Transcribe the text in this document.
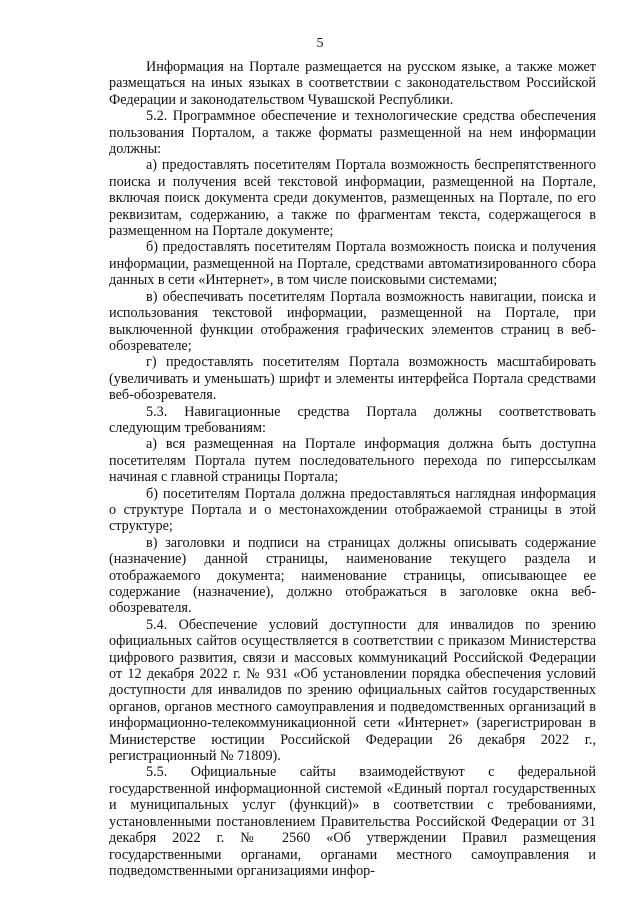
5

Информация на Портале размещается на русском языке, а также может размещаться на иных языках в соответствии с законодательством Российской Федерации и законодательством Чувашской Республики.

5.2. Программное обеспечение и технологические средства обеспечения пользования Порталом, а также форматы размещенной на нем информации должны:

а) предоставлять посетителям Портала возможность беспрепятственного поиска и получения всей текстовой информации, размещенной на Портале, включая поиск документа среди документов, размещенных на Портале, по его реквизитам, содержанию, а также по фрагментам текста, содержащегося в размещенном на Портале документе;

б) предоставлять посетителям Портала возможность поиска и получения информации, размещенной на Портале, средствами автоматизированного сбора данных в сети «Интернет», в том числе поисковыми системами;

в) обеспечивать посетителям Портала возможность навигации, поиска и использования текстовой информации, размещенной на Портале, при выключенной функции отображения графических элементов страниц в веб-обозревателе;

г) предоставлять посетителям Портала возможность масштабировать (увеличивать и уменьшать) шрифт и элементы интерфейса Портала средствами веб-обозревателя.

5.3. Навигационные средства Портала должны соответствовать следующим требованиям:

а) вся размещенная на Портале информация должна быть доступна посетителям Портала путем последовательного перехода по гиперссылкам начиная с главной страницы Портала;

б) посетителям Портала должна предоставляться наглядная информация о структуре Портала и о местонахождении отображаемой страницы в этой структуре;

в) заголовки и подписи на страницах должны описывать содержание (назначение) данной страницы, наименование текущего раздела и отображаемого документа; наименование страницы, описывающее ее содержание (назначение), должно отображаться в заголовке окна веб-обозревателя.

5.4. Обеспечение условий доступности для инвалидов по зрению официальных сайтов осуществляется в соответствии с приказом Министерства цифрового развития, связи и массовых коммуникаций Российской Федерации от 12 декабря 2022 г. № 931 «Об установлении порядка обеспечения условий доступности для инвалидов по зрению официальных сайтов государственных органов, органов местного самоуправления и подведомственных организаций в информационно-телекоммуникационной сети «Интернет» (зарегистрирован в Министерстве юстиции Российской Федерации 26 декабря 2022 г., регистрационный № 71809).

5.5. Официальные сайты взаимодействуют с федеральной государственной информационной системой «Единый портал государственных и муниципальных услуг (функций)» в соответствии с требованиями, установленными постановлением Правительства Российской Федерации от 31 декабря 2022 г. № 2560 «Об утверждении Правил размещения государственными органами, органами местного самоуправления и подведомственными организациями инфор-
